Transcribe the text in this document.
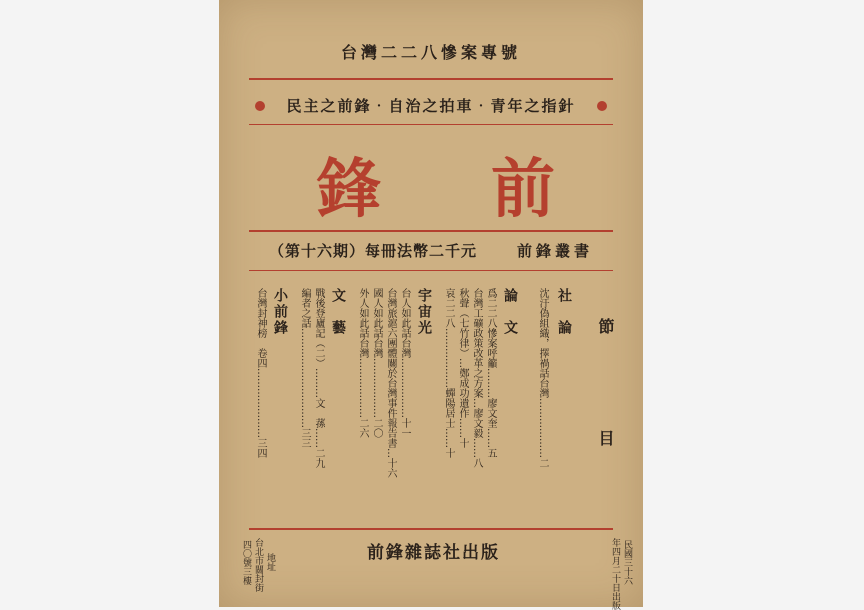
台灣二二八慘案專號
民主之前鋒‧自治之拍車‧青年之指針
前
鋒
（第十六期）每冊法幣二千元	前鋒叢書
節　目
社　論
沈汙偽組織，擇禍話台灣………………二
論　文
爲二二八慘案呼籲………廖文奎……五
台灣工礦政策改革之方案…廖文毅……八
秋聲（七竹律）…鄭成功遺作……十
哀二二八………………蟬陽居士……十
宇宙光
台人如此話台灣………………十一
台灣旅滬六團體關於台灣事件報告書…十六
國人如此話台灣………………二〇
外人如此話台灣………………二六
文　藝
戰後登廬記（二）………文　蓀……二九
編者之話…………………………三三
小前鋒
台灣封神榜　卷四…………………三四
民國三十六
年四月二十日出版
前鋒雜誌社出版
地址
台北市關封街
四〇號三樓
